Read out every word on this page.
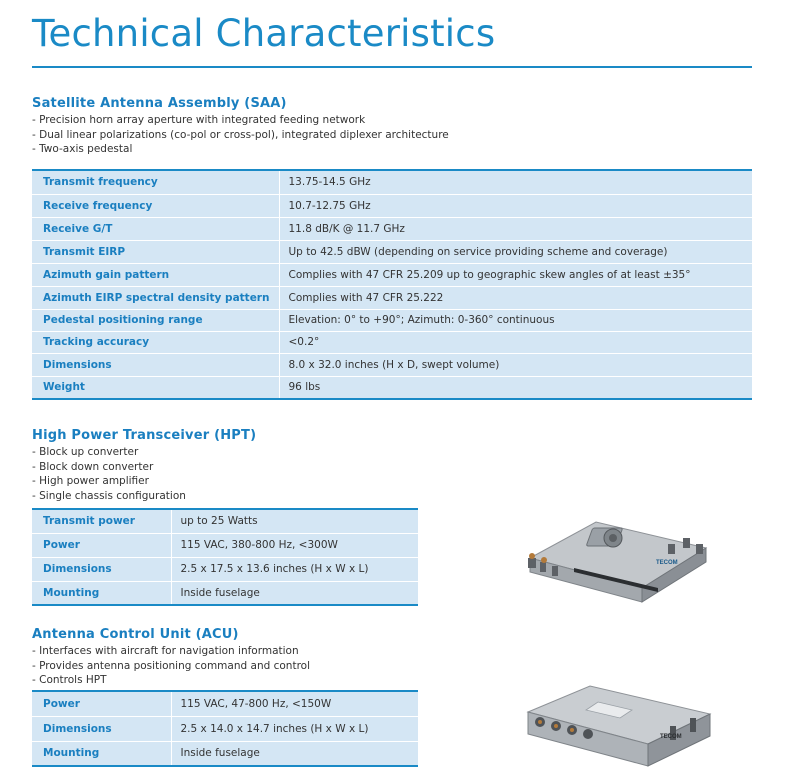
Technical Characteristics
Satellite Antenna Assembly (SAA)
- Precision horn array aperture with integrated feeding network
- Dual linear polarizations (co-pol or cross-pol), integrated diplexer architecture
- Two-axis pedestal
Transmit frequency	13.75-14.5 GHz
Receive frequency	10.7-12.75 GHz
Receive G/T	11.8 dB/K @ 11.7 GHz
Transmit EIRP	Up to 42.5 dBW (depending on service providing scheme and coverage)
Azimuth gain pattern	Complies with 47 CFR 25.209 up to geographic skew angles of at least ±35°
Azimuth EIRP spectral density pattern	Complies with 47 CFR 25.222
Pedestal positioning range	Elevation: 0° to +90°; Azimuth: 0-360° continuous
Tracking accuracy	<0.2°
Dimensions	8.0 x 32.0 inches (H x D, swept volume)
Weight	96 lbs
High Power Transceiver (HPT)
- Block up converter
- Block down converter
- High power amplifier
- Single chassis configuration
Transmit power	up to 25 Watts
Power	115 VAC, 380-800 Hz, <300W
Dimensions	2.5 x 17.5 x 13.6 inches (H x W x L)
Mounting	Inside fuselage
TECOM
Antenna Control Unit (ACU)
- Interfaces with aircraft for navigation information
- Provides antenna positioning command and control
- Controls HPT
Power	115 VAC, 47-800 Hz, <150W
Dimensions	2.5 x 14.0 x 14.7 inches (H x W x L)
Mounting	Inside fuselage
TECOM
